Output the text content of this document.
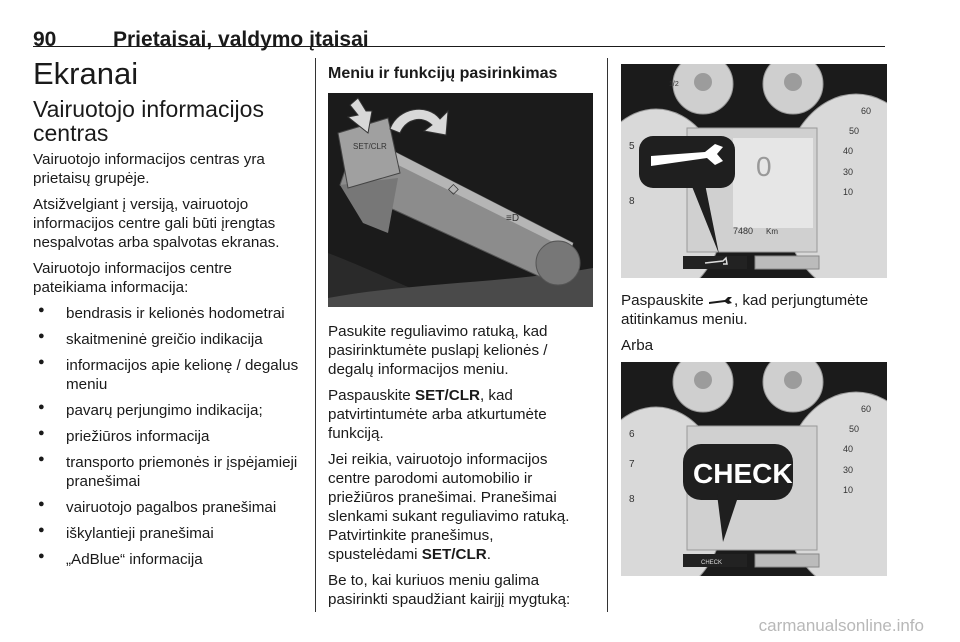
90	Prietaisai, valdymo įtaisai
Ekranai
Vairuotojo informacijos centras

Vairuotojo informacijos centras yra prietaisų grupėje.

Atsižvelgiant į versiją, vairuotojo informacijos centre gali būti įrengtas nespalvotas arba spalvotas ekranas.

Vairuotojo informacijos centre pateikiama informacija:

● bendrasis ir kelionės hodometrai
● skaitmeninė greičio indikacija
● informacijos apie kelionę / degalus meniu
● pavarų perjungimo indikacija;
● priežiūros informacija
● transporto priemonės ir įspėjamieji pranešimai
● vairuotojo pagalbos pranešimai
● iškylantieji pranešimai
● „AdBlue“ informacija
Meniu ir funkcijų pasirinkimas
SET/CLR
◇
≡D

Pasukite reguliavimo ratuką, kad pasirinktumėte puslapį kelionės / degalų informacijos meniu.

Paspauskite SET/CLR, kad patvirtintumėte arba atkurtumėte funkciją.

Jei reikia, vairuotojo informacijos centre parodomi automobilio ir priežiūros pranešimai. Pranešimai slenkami sukant reguliavimo ratuką. Patvirtinkite pranešimus,

spustelėdami SET/CLR.

Be to, kai kuriuos meniu galima pasirinkti spaudžiant kairįjį mygtuką:

1/2
5
8
60
50
40
30
10
0
7480 Km

Paspauskite , kad perjungtumėte atitinkamus meniu.

Arba

6
7
8
60
50
40
30
10
CHECK
CHECK
carmanualsonline.info
